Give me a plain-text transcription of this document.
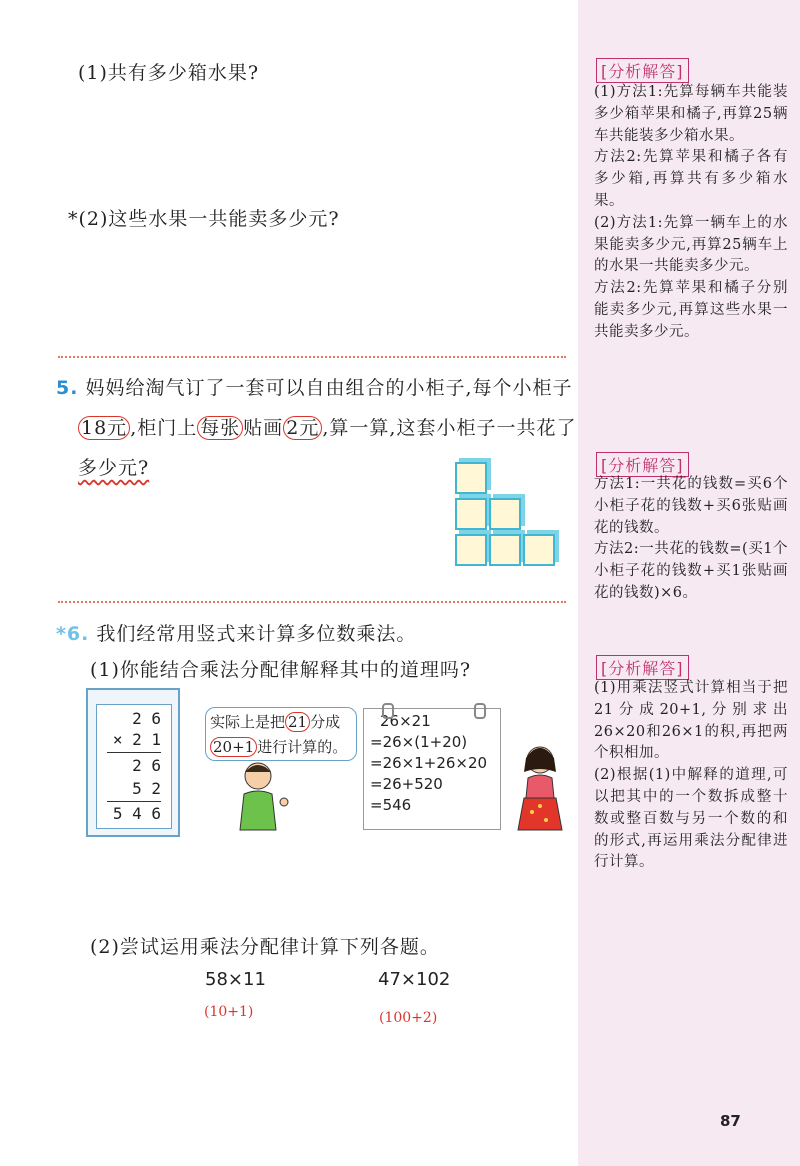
(1)共有多少箱水果?
*(2)这些水果一共能卖多少元?
5. 妈妈给淘气订了一套可以自由组合的小柜子,每个小柜子
18元 ,柜门上 每张 贴画 2元 ,算一算,这套小柜子一共花了
多少元?
*6. 我们经常用竖式来计算多位数乘法。
(1)你能结合乘法分配律解释其中的道理吗?
2 6
× 2 1
2 6
5 2
5 4 6
实际上是把 21 分成
20+1 进行计算的。
26×21
=26×(1+20)
=26×1+26×20
=26+520
=546
(2)尝试运用乘法分配律计算下列各题。
58×11
(10+1)
47×102
(100+2)
[分析解答]

(1)方法1:先算每辆车共能装多少箱苹果和橘子,再算25辆车共能装多少箱水果。

方法2:先算苹果和橘子各有多少箱,再算共有多少箱水果。

(2)方法1:先算一辆车上的水果能卖多少元,再算25辆车上的水果一共能卖多少元。

方法2:先算苹果和橘子分别能卖多少元,再算这些水果一共能卖多少元。

[分析解答]

方法1:一共花的钱数=买6个小柜子花的钱数+买6张贴画花的钱数。

方法2:一共花的钱数=(买1个小柜子花的钱数+买1张贴画花的钱数)×6。

[分析解答]

(1)用乘法竖式计算相当于把21分成20+1,分别求出26×20和26×1的积,再把两个积相加。

(2)根据(1)中解释的道理,可以把其中的一个数拆成整十数或整百数与另一个数的和的形式,再运用乘法分配律进行计算。

87
